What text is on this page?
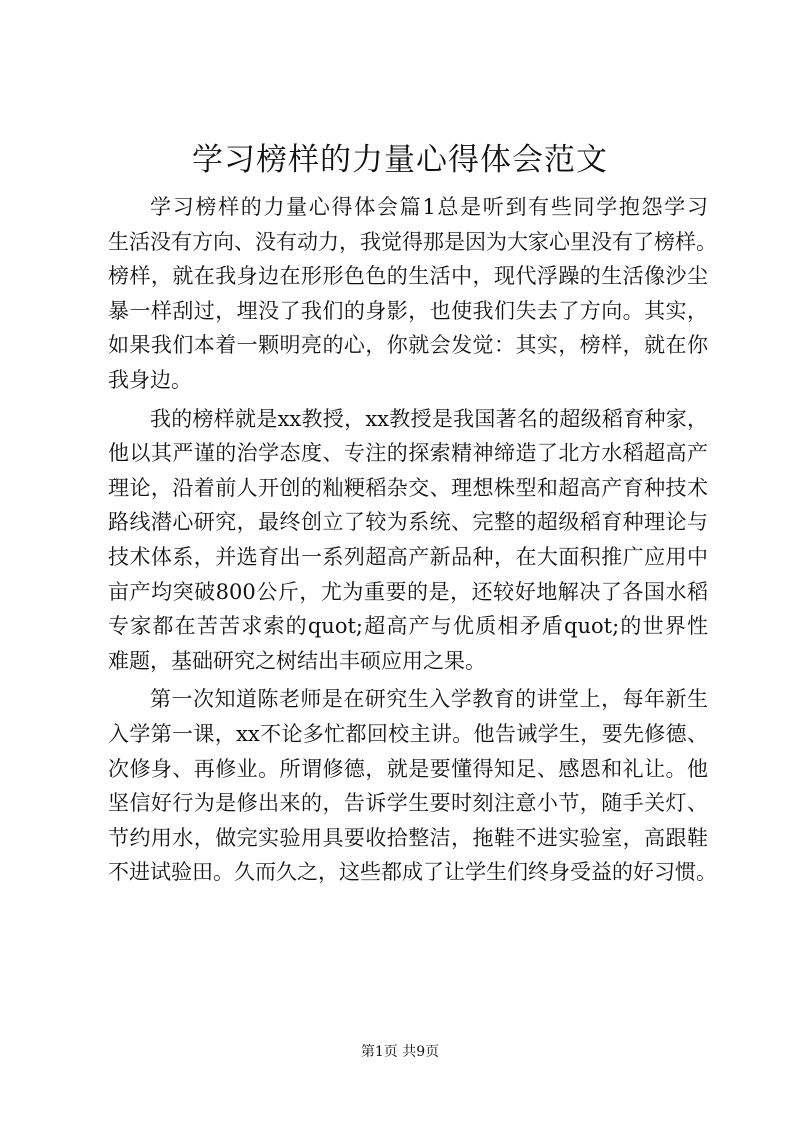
学习榜样的力量心得体会范文

学习榜样的力量心得体会篇1总是听到有些同学抱怨学习
生活没有方向、没有动力，我觉得那是因为大家心里没有了榜样。
榜样，就在我身边在形形色色的生活中，现代浮躁的生活像沙尘
暴一样刮过，埋没了我们的身影，也使我们失去了方向。其实，
如果我们本着一颗明亮的心，你就会发觉：其实，榜样，就在你
我身边。

我的榜样就是xx教授，xx教授是我国著名的超级稻育种家，
他以其严谨的治学态度、专注的探索精神缔造了北方水稻超高产
理论，沿着前人开创的籼粳稻杂交、理想株型和超高产育种技术
路线潜心研究，最终创立了较为系统、完整的超级稻育种理论与
技术体系，并选育出一系列超高产新品种，在大面积推广应用中
亩产均突破800公斤，尤为重要的是，还较好地解决了各国水稻
专家都在苦苦求索的quot;超高产与优质相矛盾quot;的世界性
难题，基础研究之树结出丰硕应用之果。

第一次知道陈老师是在研究生入学教育的讲堂上，每年新生
入学第一课，xx不论多忙都回校主讲。他告诫学生，要先修德、
次修身、再修业。所谓修德，就是要懂得知足、感恩和礼让。他
坚信好行为是修出来的，告诉学生要时刻注意小节，随手关灯、
节约用水，做完实验用具要收拾整洁，拖鞋不进实验室，高跟鞋
不进试验田。久而久之，这些都成了让学生们终身受益的好习惯。

第1页 共9页
